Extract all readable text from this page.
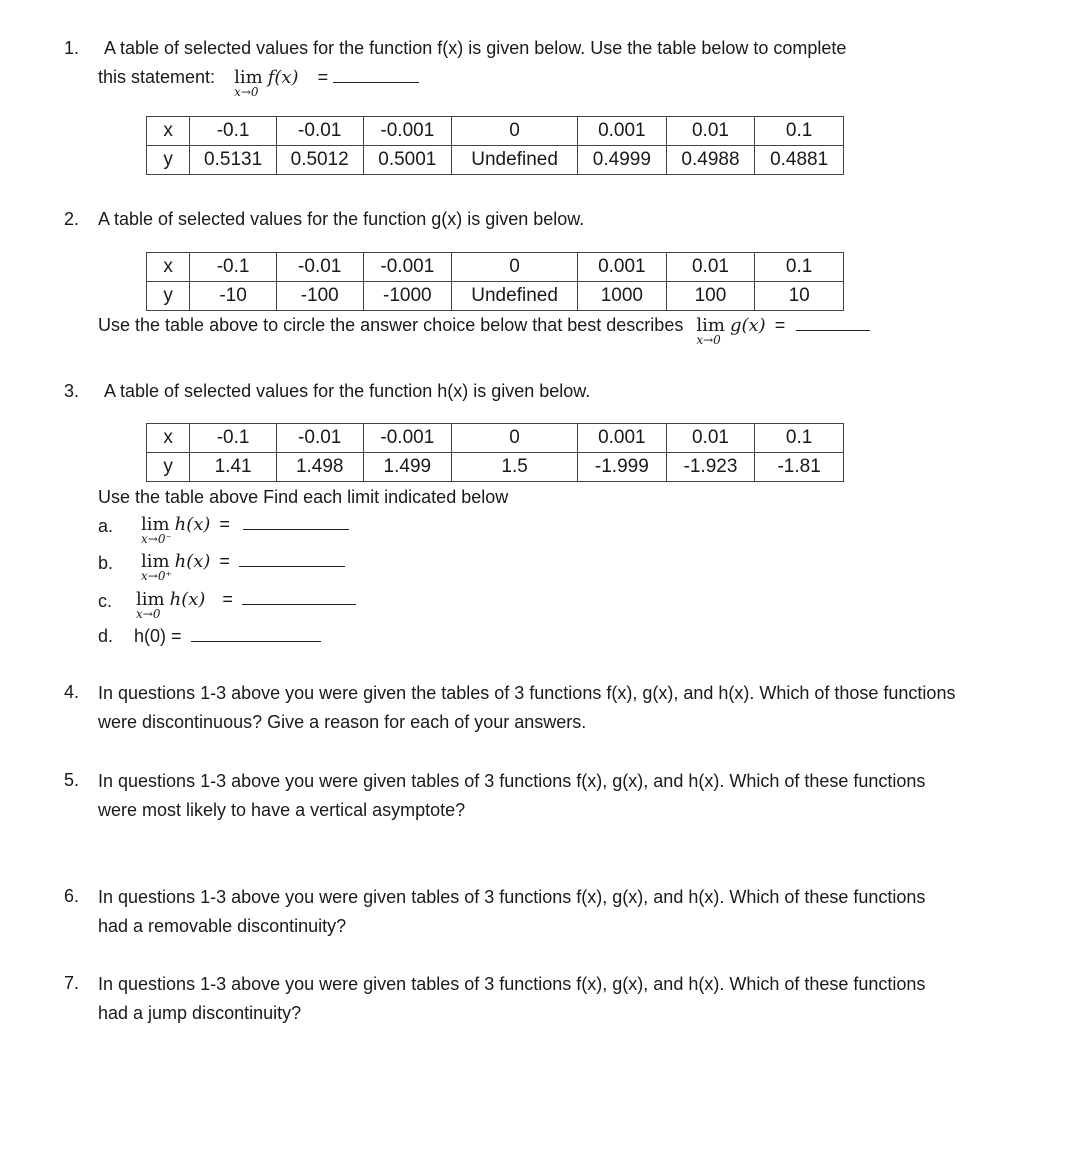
1. A table of selected values for the function f(x) is given below. Use the table below to complete
this statement: lim
x→0
f(x) =
x	-0.1	-0.01	-0.001	0	0.001	0.01	0.1
y	0.5131	0.5012	0.5001	Undefined	0.4999	0.4988	0.4881
2. A table of selected values for the function g(x) is given below.
x	-0.1	-0.01	-0.001	0	0.001	0.01	0.1
y	-10	-100	-1000	Undefined	1000	100	10
Use the table above to circle the answer choice below that best describes lim
x→0
g(x) =
3. A table of selected values for the function h(x) is given below.
x	-0.1	-0.01	-0.001	0	0.001	0.01	0.1
y	1.41	1.498	1.499	1.5	-1.999	-1.923	-1.81
Use the table above Find each limit indicated below
a. lim
x→0⁻
h(x) =
b. lim
x→0⁺
h(x) =
c. lim
x→0
h(x) =
d. h(0) =
4. In questions 1-3 above you were given the tables of 3 functions f(x), g(x), and h(x). Which of those functions were discontinuous? Give a reason for each of your answers.
5. In questions 1-3 above you were given tables of 3 functions f(x), g(x), and h(x). Which of these functions were most likely to have a vertical asymptote?
6. In questions 1-3 above you were given tables of 3 functions f(x), g(x), and h(x). Which of these functions had a removable discontinuity?
7. In questions 1-3 above you were given tables of 3 functions f(x), g(x), and h(x). Which of these functions had a jump discontinuity?
